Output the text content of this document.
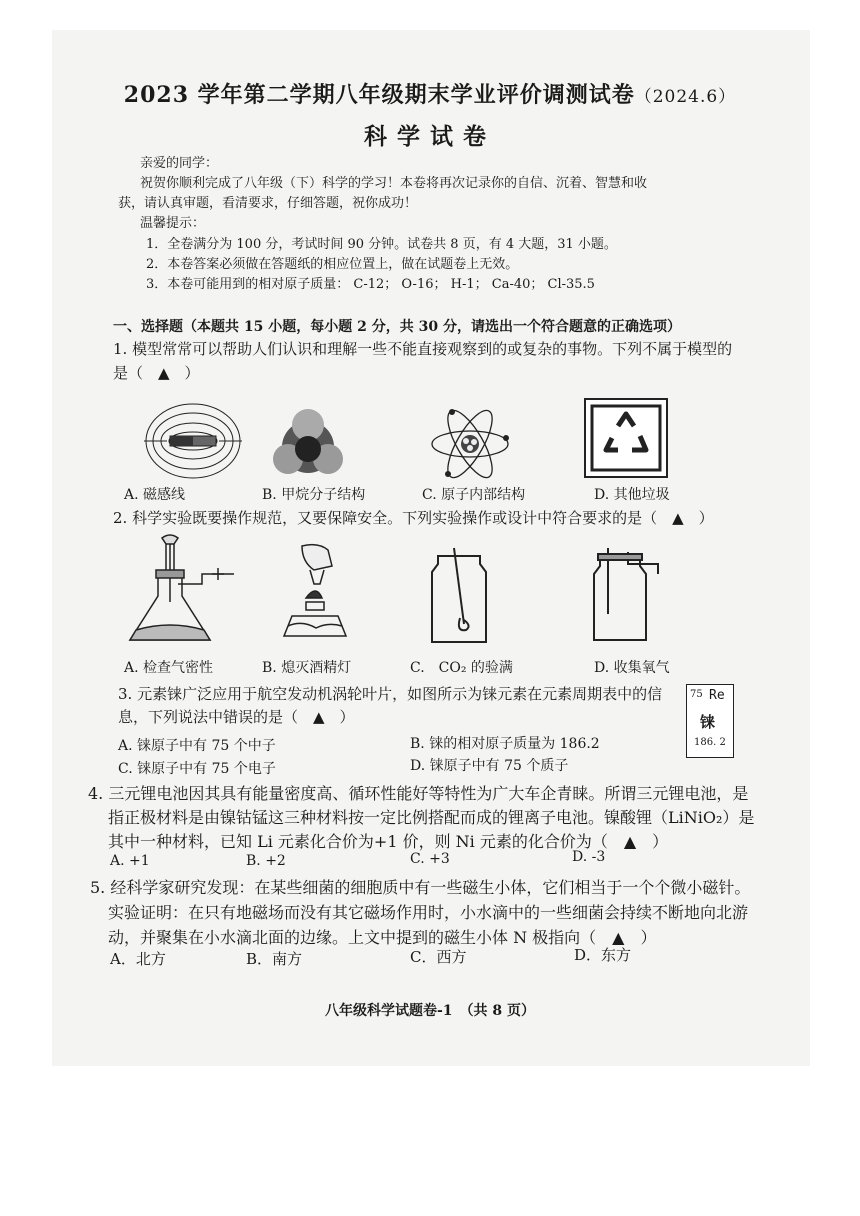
2023 学年第二学期八年级期末学业评价调测试卷（2024.6）
科学试卷
亲爱的同学：
祝贺你顺利完成了八年级（下）科学的学习！本卷将再次记录你的自信、沉着、智慧和收
获，请认真审题，看清要求，仔细答题，祝你成功！
温馨提示：
1．全卷满分为 100 分，考试时间 90 分钟。试卷共 8 页，有 4 大题，31 小题。
2．本卷答案必须做在答题纸的相应位置上，做在试题卷上无效。
3．本卷可能用到的相对原子质量： C-12； O-16； H-1； Ca-40； Cl-35.5
一、选择题（本题共 15 小题，每小题 2 分，共 30 分，请选出一个符合题意的正确选项）
1. 模型常常可以帮助人们认识和理解一些不能直接观察到的或复杂的事物。下列不属于模型的
是（　▲　）
A. 磁感线	B. 甲烷分子结构	C. 原子内部结构	D. 其他垃圾
2. 科学实验既要操作规范，又要保障安全。下列实验操作或设计中符合要求的是（　▲　）
A. 检查气密性	B. 熄灭酒精灯	C.　CO₂ 的验满	D. 收集氧气
3. 元素铼广泛应用于航空发动机涡轮叶片，如图所示为铼元素在元素周期表中的信
息，下列说法中错误的是（　▲　）
A. 铼原子中有 75 个中子	B. 铼的相对原子质量为 186.2
C. 铼原子中有 75 个电子	D. 铼原子中有 75 个质子
75 Re
铼
186. 2
4. 三元锂电池因其具有能量密度高、循环性能好等特性为广大车企青睐。所谓三元锂电池，是
指正极材料是由镍钴锰这三种材料按一定比例搭配而成的锂离子电池。镍酸锂（LiNiO₂）是
其中一种材料，已知 Li 元素化合价为+1 价，则 Ni 元素的化合价为（　▲　）
A. +1	B. +2	C. +3	D. -3
5. 经科学家研究发现：在某些细菌的细胞质中有一些磁生小体，它们相当于一个个微小磁针。
实验证明：在只有地磁场而没有其它磁场作用时，小水滴中的一些细菌会持续不断地向北游
动，并聚集在小水滴北面的边缘。上文中提到的磁生小体 N 极指向（　▲　）
A．北方	B．南方	C．西方	D．东方
八年级科学试题卷-1　（共 8 页）
